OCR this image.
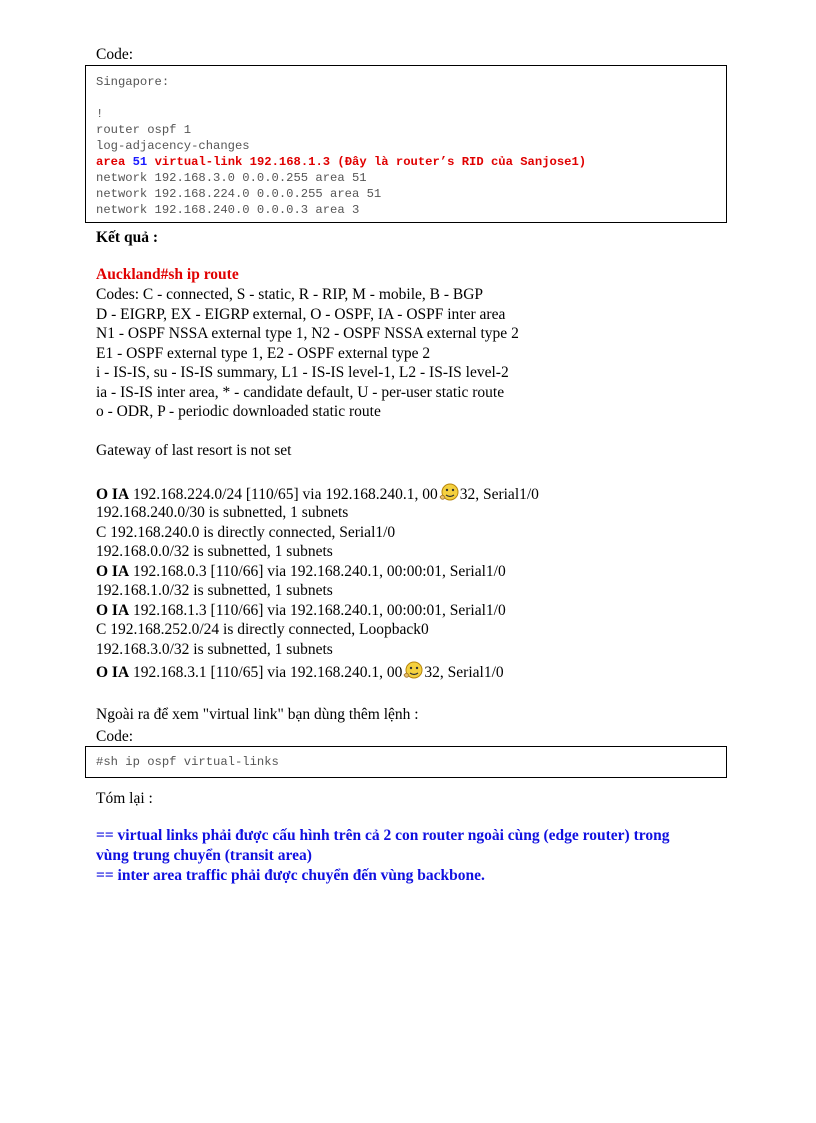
Code:
Singapore:
!
router ospf 1
log-adjacency-changes
area 51 virtual-link 192.168.1.3 (Đây là router’s RID của Sanjose1)
network 192.168.3.0 0.0.0.255 area 51
network 192.168.224.0 0.0.0.255 area 51
network 192.168.240.0 0.0.0.3 area 3
Kết quả :
Auckland#sh ip route
Codes: C - connected, S - static, R - RIP, M - mobile, B - BGP
D - EIGRP, EX - EIGRP external, O - OSPF, IA - OSPF inter area
N1 - OSPF NSSA external type 1, N2 - OSPF NSSA external type 2
E1 - OSPF external type 1, E2 - OSPF external type 2
i - IS-IS, su - IS-IS summary, L1 - IS-IS level-1, L2 - IS-IS level-2
ia - IS-IS inter area, * - candidate default, U - per-user static route
o - ODR, P - periodic downloaded static route
Gateway of last resort is not set
O IA 192.168.224.0/24 [110/65] via 192.168.240.1, 00 32, Serial1/0
192.168.240.0/30 is subnetted, 1 subnets
C 192.168.240.0 is directly connected, Serial1/0
192.168.0.0/32 is subnetted, 1 subnets
O IA 192.168.0.3 [110/66] via 192.168.240.1, 00:00:01, Serial1/0
192.168.1.0/32 is subnetted, 1 subnets
O IA 192.168.1.3 [110/66] via 192.168.240.1, 00:00:01, Serial1/0
C 192.168.252.0/24 is directly connected, Loopback0
192.168.3.0/32 is subnetted, 1 subnets
O IA 192.168.3.1 [110/65] via 192.168.240.1, 00 32, Serial1/0
Ngoài ra để xem "virtual link" bạn dùng thêm lệnh :
Code:
#sh ip ospf virtual-links
Tóm lại :
== virtual links phải được cấu hình trên cả 2 con router ngoài cùng (edge router) trong
vùng trung chuyển (transit area)
== inter area traffic phải được chuyển đến vùng backbone.
